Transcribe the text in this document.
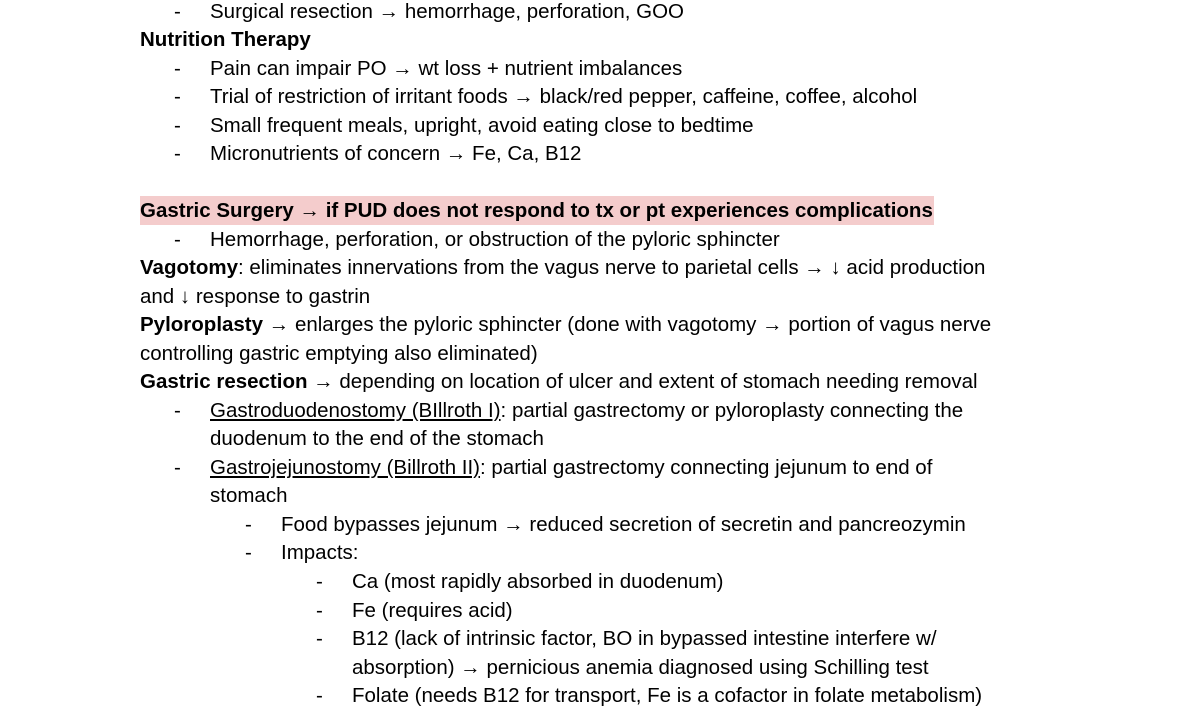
- Surgical resection → hemorrhage, perforation, GOO
Nutrition Therapy
- Pain can impair PO → wt loss + nutrient imbalances
- Trial of restriction of irritant foods → black/red pepper, caffeine, coffee, alcohol
- Small frequent meals, upright, avoid eating close to bedtime
- Micronutrients of concern → Fe, Ca, B12
Gastric Surgery → if PUD does not respond to tx or pt experiences complications
- Hemorrhage, perforation, or obstruction of the pyloric sphincter
Vagotomy: eliminates innervations from the vagus nerve to parietal cells → ↓ acid production
and ↓ response to gastrin
Pyloroplasty → enlarges the pyloric sphincter (done with vagotomy → portion of vagus nerve
controlling gastric emptying also eliminated)
Gastric resection → depending on location of ulcer and extent of stomach needing removal
- Gastroduodenostomy (BIllroth I): partial gastrectomy or pyloroplasty connecting the
duodenum to the end of the stomach
- Gastrojejunostomy (Billroth II): partial gastrectomy connecting jejunum to end of
stomach
- Food bypasses jejunum → reduced secretion of secretin and pancreozymin
- Impacts:
- Ca (most rapidly absorbed in duodenum)
- Fe (requires acid)
- B12 (lack of intrinsic factor, BO in bypassed intestine interfere w/
absorption) → pernicious anemia diagnosed using Schilling test
- Folate (needs B12 for transport, Fe is a cofactor in folate metabolism)
